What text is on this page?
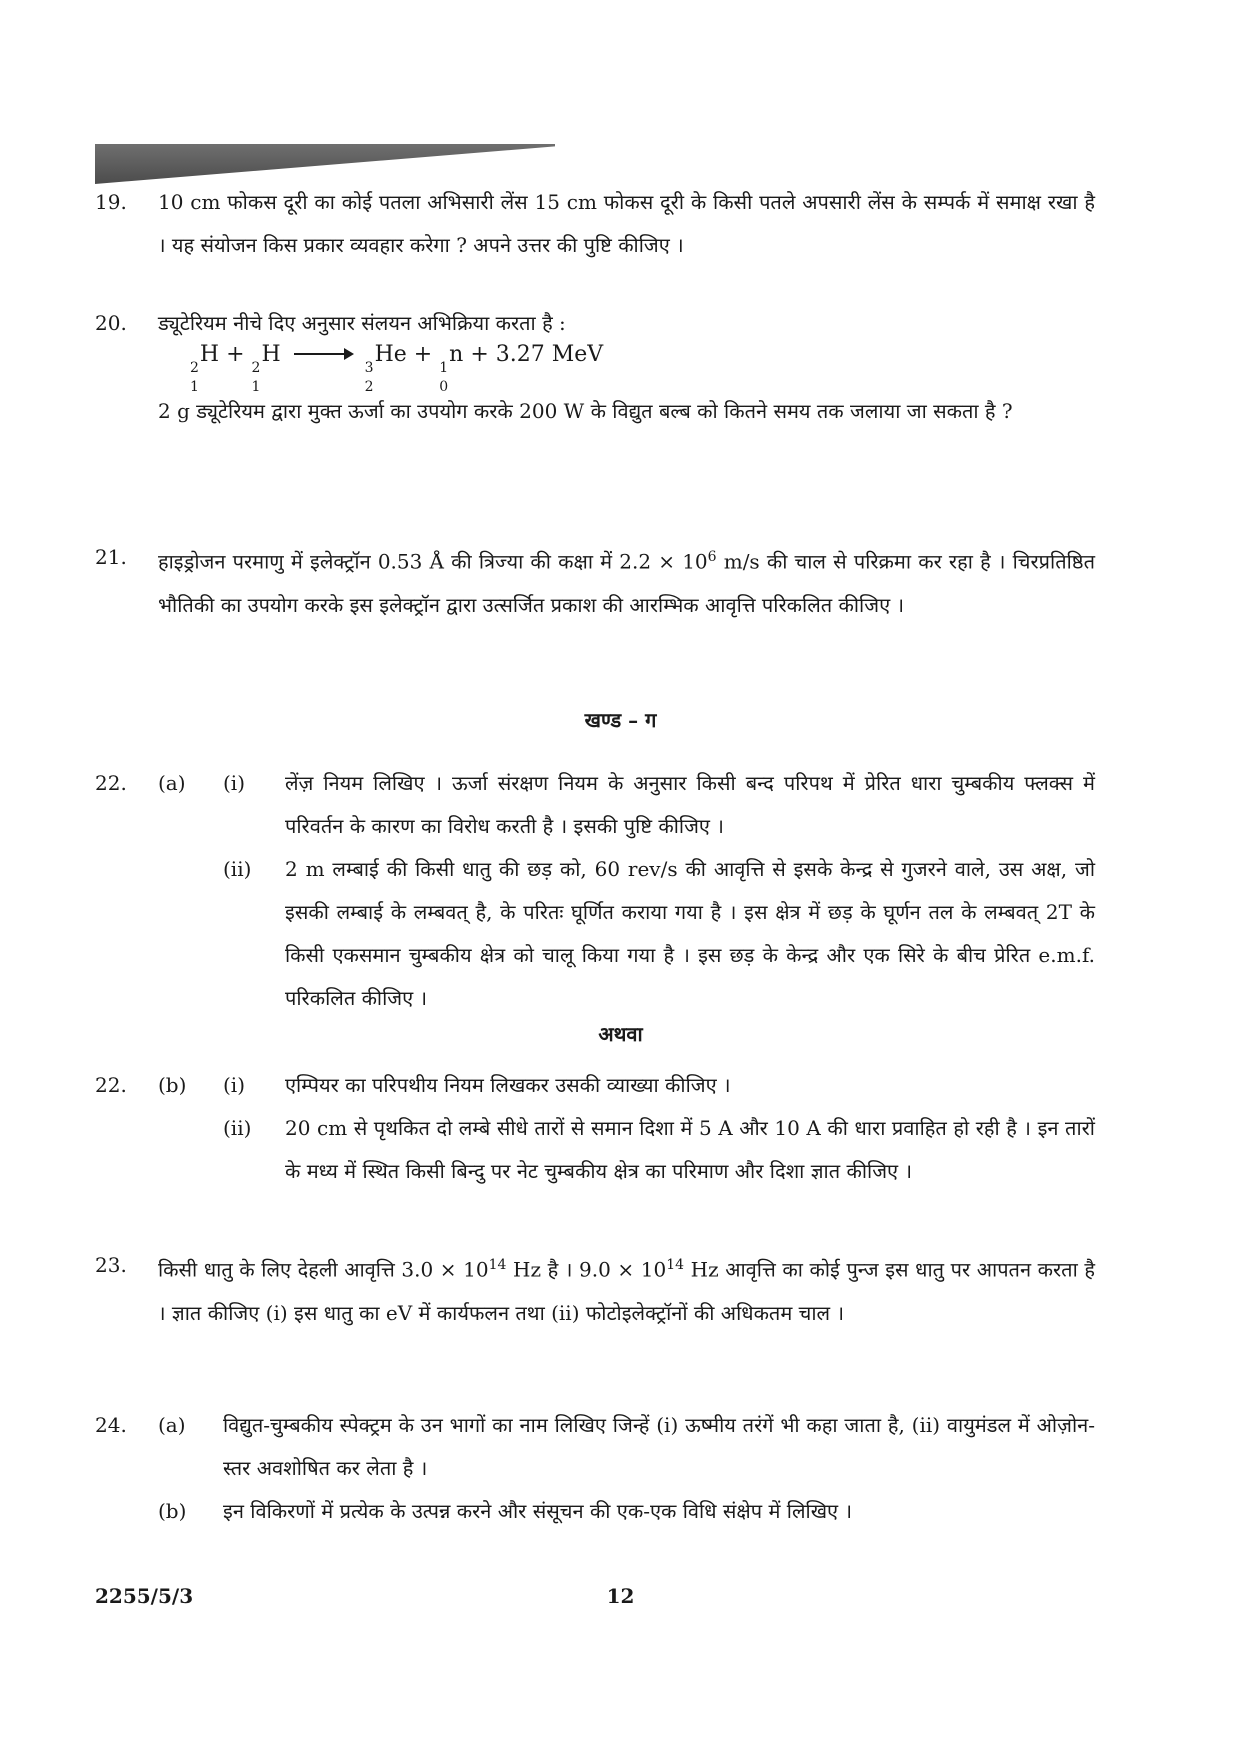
19.	10 cm फोकस दूरी का कोई पतला अभिसारी लेंस 15 cm फोकस दूरी के किसी पतले अपसारी लेंस के सम्पर्क में समाक्ष रखा है । यह संयोजन किस प्रकार व्यवहार करेगा ? अपने उत्तर की पुष्टि कीजिए ।
20.	ड्यूटेरियम नीचे दिए अनुसार संलयन अभिक्रिया करता है :
2
1
H +
2
1
H →
3
2
He +
1
0
n + 3.27 MeV
2 g ड्यूटेरियम द्वारा मुक्त ऊर्जा का उपयोग करके 200 W के विद्युत बल्ब को कितने समय तक जलाया जा सकता है ?
21.	हाइड्रोजन परमाणु में इलेक्ट्रॉन 0.53 Å की त्रिज्या की कक्षा में $2.2 \times 10^6$ m/s की चाल से परिक्रमा कर रहा है । चिरप्रतिष्ठित भौतिकी का उपयोग करके इस इलेक्ट्रॉन द्वारा उत्सर्जित प्रकाश की आरम्भिक आवृत्ति परिकलित कीजिए ।
खण्ड – ग
22.	(a) (i) लेंज़ नियम लिखिए । ऊर्जा संरक्षण नियम के अनुसार किसी बन्द परिपथ में प्रेरित धारा चुम्बकीय फ्लक्स में परिवर्तन के कारण का विरोध करती है । इसकी पुष्टि कीजिए ।
(ii) 2 m लम्बाई की किसी धातु की छड़ को, 60 rev/s की आवृत्ति से इसके केन्द्र से गुजरने वाले, उस अक्ष, जो इसकी लम्बाई के लम्बवत् है, के परितः घूर्णित कराया गया है । इस क्षेत्र में छड़ के घूर्णन तल के लम्बवत् 2T के किसी एकसमान चुम्बकीय क्षेत्र को चालू किया गया है । इस छड़ के केन्द्र और एक सिरे के बीच प्रेरित e.m.f. परिकलित कीजिए ।
अथवा
22.	(b) (i) एम्पियर का परिपथीय नियम लिखकर उसकी व्याख्या कीजिए ।
(ii) 20 cm से पृथकित दो लम्बे सीधे तारों से समान दिशा में 5 A और 10 A की धारा प्रवाहित हो रही है । इन तारों के मध्य में स्थित किसी बिन्दु पर नेट चुम्बकीय क्षेत्र का परिमाण और दिशा ज्ञात कीजिए ।
23.	किसी धातु के लिए देहली आवृत्ति $3.0 \times 10^{14}$ Hz है । $9.0 \times 10^{14}$ Hz आवृत्ति का कोई पुन्ज इस धातु पर आपतन करता है । ज्ञात कीजिए (i) इस धातु का eV में कार्यफलन तथा (ii) फोटोइलेक्ट्रॉनों की अधिकतम चाल ।
24.	(a) विद्युत-चुम्बकीय स्पेक्ट्रम के उन भागों का नाम लिखिए जिन्हें (i) ऊष्मीय तरंगें भी कहा जाता है, (ii) वायुमंडल में ओज़ोन-स्तर अवशोषित कर लेता है ।
(b) इन विकिरणों में प्रत्येक के उत्पन्न करने और संसूचन की एक-एक विधि संक्षेप में लिखिए ।
2255/5/3	12
